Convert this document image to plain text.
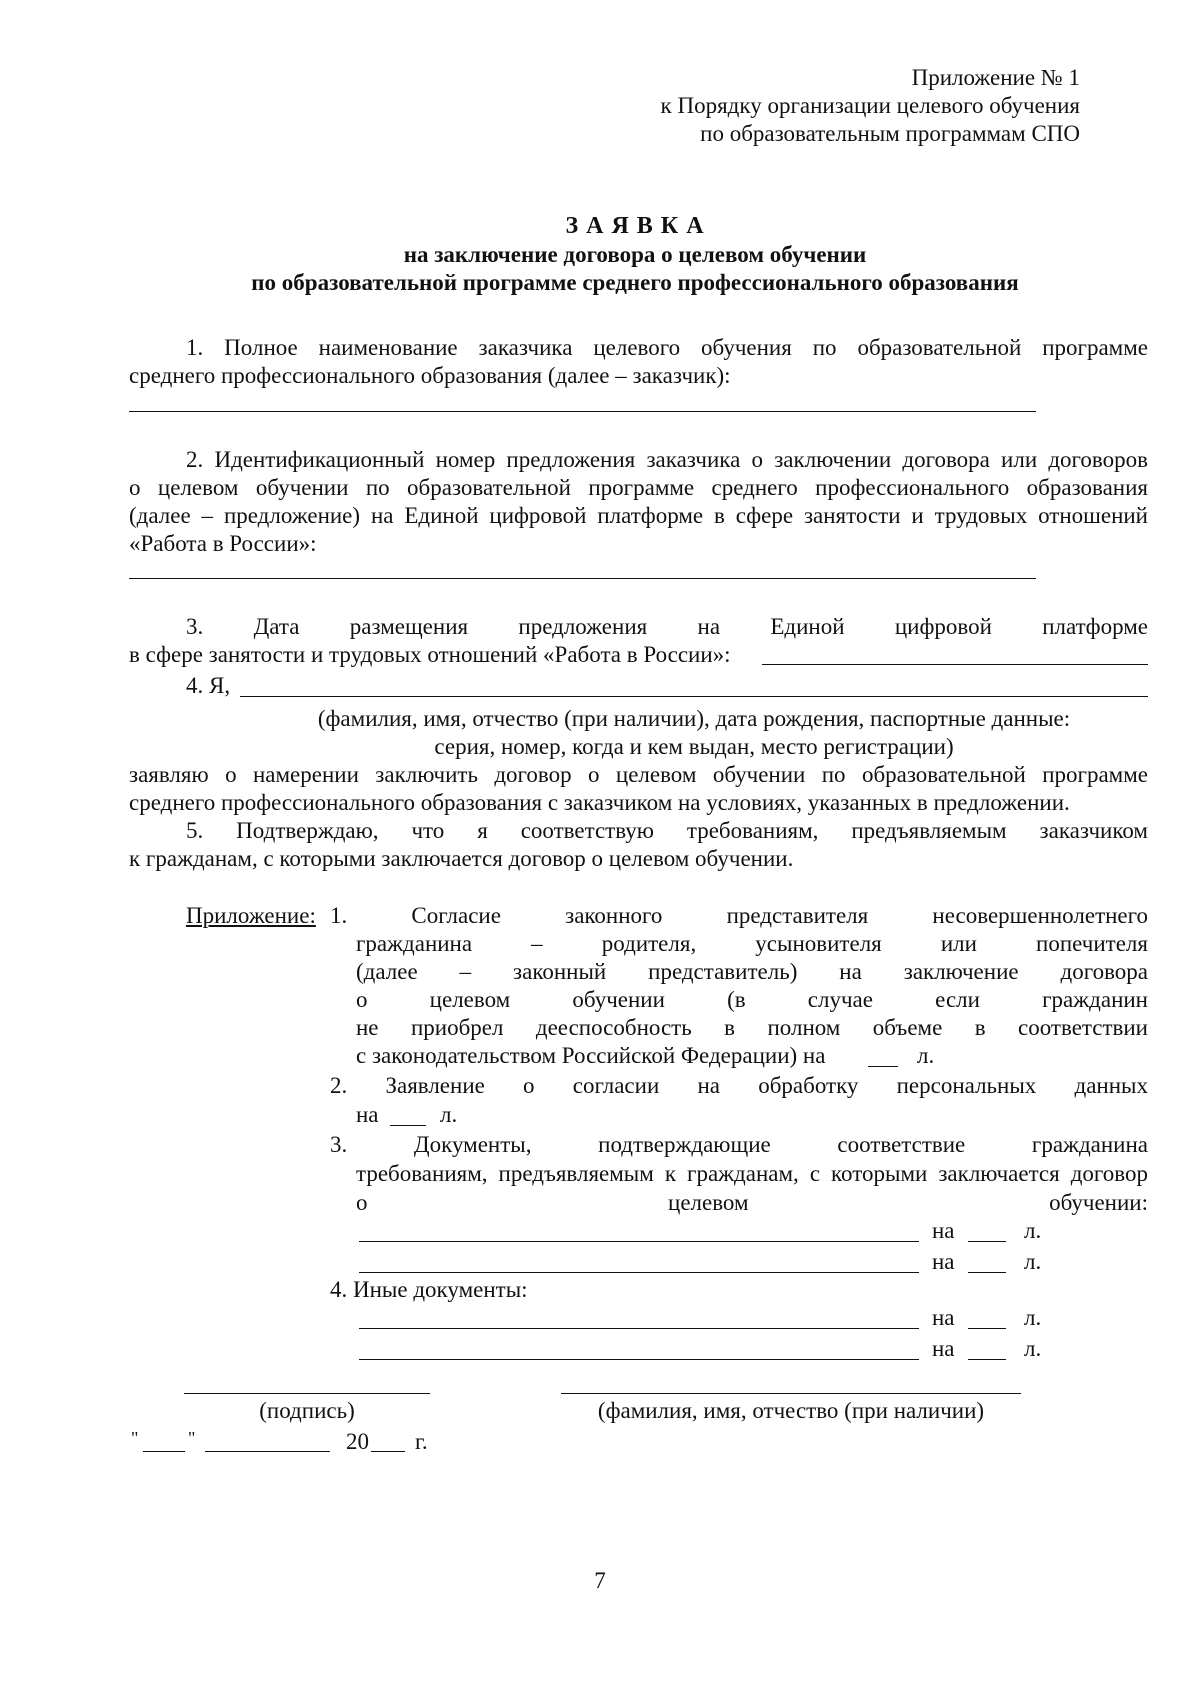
Приложение № 1
к Порядку организации целевого обучения
по образовательным программам СПО
З А Я В К А
на заключение договора о целевом обучении
по образовательной программе среднего профессионального образования
1. Полное наименование заказчика целевого обучения по образовательной программе
среднего профессионального образования (далее – заказчик):
2. Идентификационный номер предложения заказчика о заключении договора или договоров
о целевом обучении по образовательной программе среднего профессионального образования
(далее – предложение) на Единой цифровой платформе в сфере занятости и трудовых отношений
«Работа в России»:
3. Дата размещения предложения на Единой цифровой платформе
в сфере занятости и трудовых отношений «Работа в России»:
4. Я,
(фамилия, имя, отчество (при наличии), дата рождения, паспортные данные:
серия, номер, когда и кем выдан, место регистрации)
заявляю о намерении заключить договор о целевом обучении по образовательной программе
среднего профессионального образования с заказчиком на условиях, указанных в предложении.
5. Подтверждаю, что я соответствую требованиям, предъявляемым заказчиком
к гражданам, с которыми заключается договор о целевом обучении.
Приложение: 1. Согласие законного представителя несовершеннолетнего
гражданина – родителя, усыновителя или попечителя
(далее – законный представитель) на заключение договора
о целевом обучении (в случае если гражданин
не приобрел дееспособность в полном объеме в соответствии
с законодательством Российской Федерации) на	л.
2. Заявление о согласии на обработку персональных данных
на	л.
3. Документы, подтверждающие соответствие гражданина
требованиям, предъявляемым к гражданам, с которыми заключается договор
о целевом обучении:
на	л.
на	л.
4. Иные документы:
на	л.
на	л.
(подпись)	(фамилия, имя, отчество (при наличии)
"	"	20 г.
7
